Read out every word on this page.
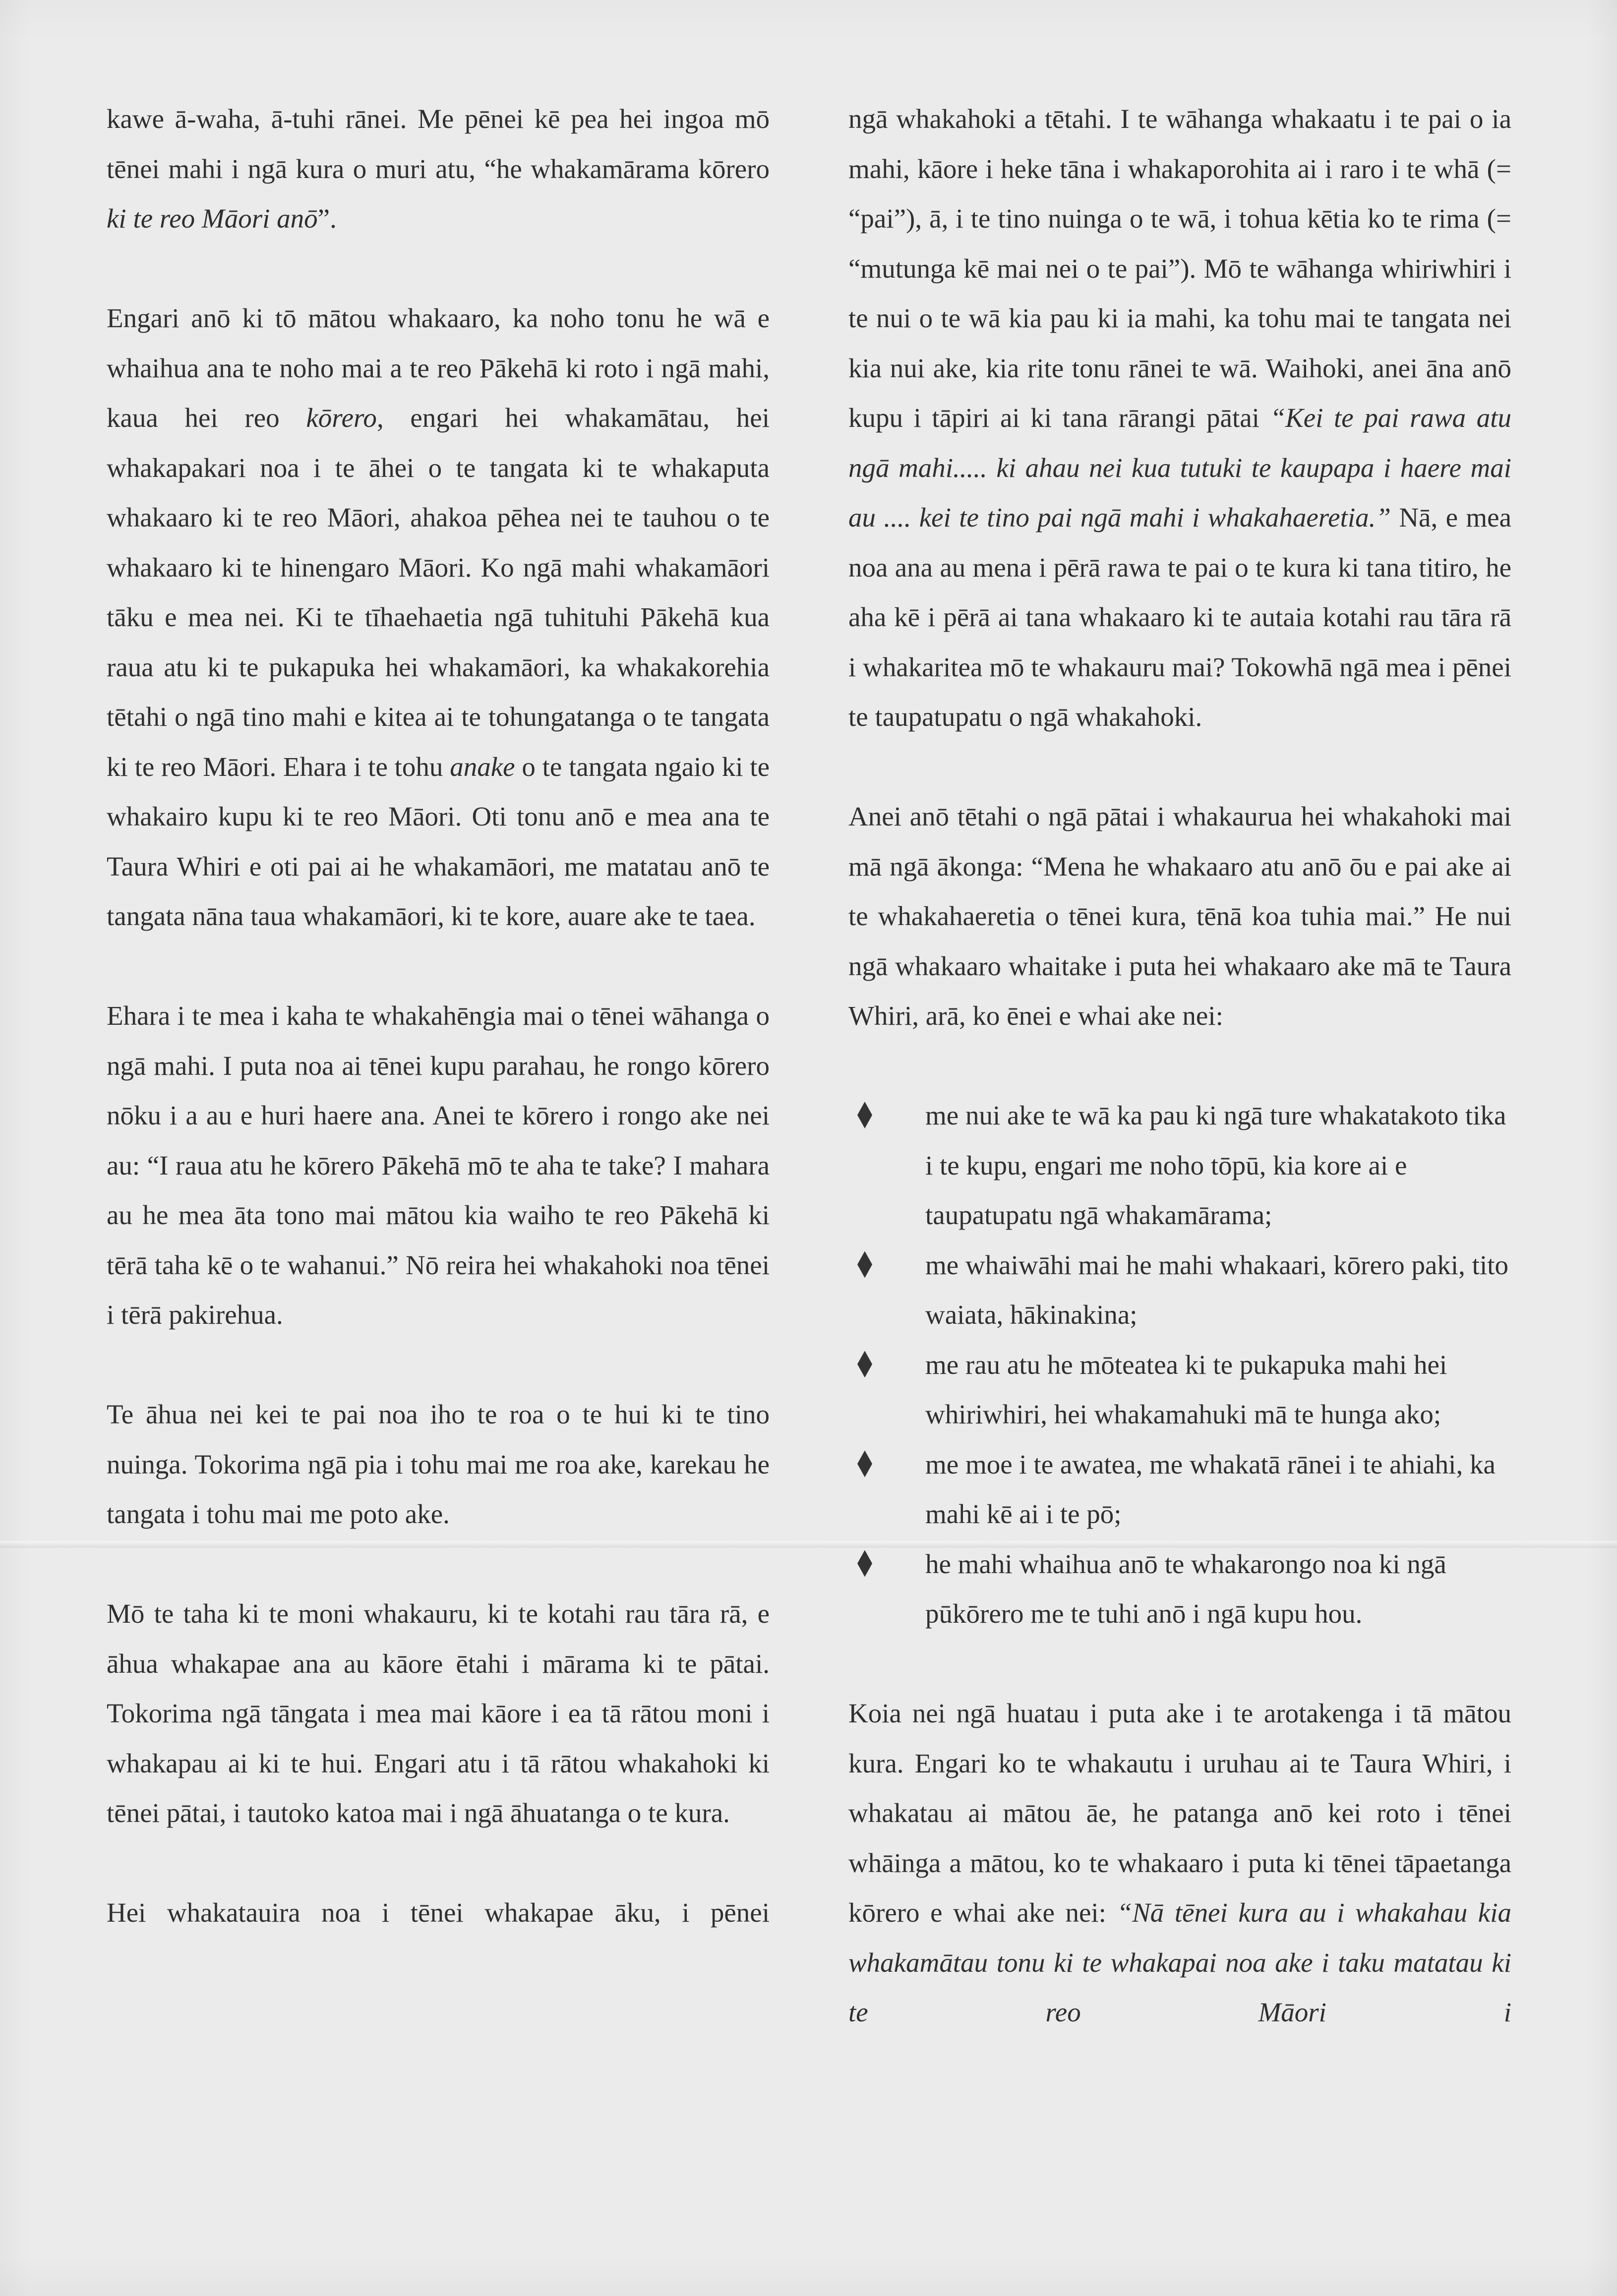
kawe ā-waha, ā-tuhi rānei. Me pēnei kē pea hei ingoa mō tēnei mahi i ngā kura o muri atu, “he whakamārama kōrero ki te reo Māori anō”.

Engari anō ki tō mātou whakaaro, ka noho tonu he wā e whaihua ana te noho mai a te reo Pākehā ki roto i ngā mahi, kaua hei reo kōrero, engari hei whakamātau, hei whakapakari noa i te āhei o te tangata ki te whakaputa whakaaro ki te reo Māori, ahakoa pēhea nei te tauhou o te whakaaro ki te hinengaro Māori. Ko ngā mahi whakamāori tāku e mea nei. Ki te tīhaehaetia ngā tuhituhi Pākehā kua raua atu ki te pukapuka hei whakamāori, ka whakakorehia tētahi o ngā tino mahi e kitea ai te tohungatanga o te tangata ki te reo Māori. Ehara i te tohu anake o te tangata ngaio ki te whakairo kupu ki te reo Māori. Oti tonu anō e mea ana te Taura Whiri e oti pai ai he whakamāori, me matatau anō te tangata nāna taua whakamāori, ki te kore, auare ake te taea.

Ehara i te mea i kaha te whakahēngia mai o tēnei wāhanga o ngā mahi. I puta noa ai tēnei kupu parahau, he rongo kōrero nōku i a au e huri haere ana. Anei te kōrero i rongo ake nei au: “I raua atu he kōrero Pākehā mō te aha te take? I mahara au he mea āta tono mai mātou kia waiho te reo Pākehā ki tērā taha kē o te wahanui.” Nō reira hei whakahoki noa tēnei i tērā pakirehua.

Te āhua nei kei te pai noa iho te roa o te hui ki te tino nuinga. Tokorima ngā pia i tohu mai me roa ake, karekau he tangata i tohu mai me poto ake.

Mō te taha ki te moni whakauru, ki te kotahi rau tāra rā, e āhua whakapae ana au kāore ētahi i mārama ki te pātai. Tokorima ngā tāngata i mea mai kāore i ea tā rātou moni i whakapau ai ki te hui. Engari atu i tā rātou whakahoki ki tēnei pātai, i tautoko katoa mai i ngā āhuatanga o te kura.

Hei whakatauira noa i tēnei whakapae āku, i pēnei

ngā whakahoki a tētahi. I te wāhanga whakaatu i te pai o ia mahi, kāore i heke tāna i whakaporohita ai i raro i te whā (= “pai”), ā, i te tino nuinga o te wā, i tohua kētia ko te rima (= “mutunga kē mai nei o te pai”). Mō te wāhanga whiriwhiri i te nui o te wā kia pau ki ia mahi, ka tohu mai te tangata nei kia nui ake, kia rite tonu rānei te wā. Waihoki, anei āna anō kupu i tāpiri ai ki tana rārangi pātai “Kei te pai rawa atu ngā mahi..... ki ahau nei kua tutuki te kaupapa i haere mai au .... kei te tino pai ngā mahi i whakahaeretia.” Nā, e mea noa ana au mena i pērā rawa te pai o te kura ki tana titiro, he aha kē i pērā ai tana whakaaro ki te autaia kotahi rau tāra rā i whakaritea mō te whakauru mai? Tokowhā ngā mea i pēnei te taupatupatu o ngā whakahoki.

Anei anō tētahi o ngā pātai i whakaurua hei whakahoki mai mā ngā ākonga: “Mena he whakaaro atu anō ōu e pai ake ai te whakahaeretia o tēnei kura, tēnā koa tuhia mai.” He nui ngā whakaaro whaitake i puta hei whakaaro ake mā te Taura Whiri, arā, ko ēnei e whai ake nei:

me nui ake te wā ka pau ki ngā ture whakatakoto tika i te kupu, engari me noho tōpū, kia kore ai e taupatupatu ngā whakamārama;
me whaiwāhi mai he mahi whakaari, kōrero paki, tito waiata, hākinakina;
me rau atu he mōteatea ki te pukapuka mahi hei whiriwhiri, hei whakamahuki mā te hunga ako;
me moe i te awatea, me whakatā rānei i te ahiahi, ka mahi kē ai i te pō;
he mahi whaihua anō te whakarongo noa ki ngā pūkōrero me te tuhi anō i ngā kupu hou.

Koia nei ngā huatau i puta ake i te arotakenga i tā mātou kura. Engari ko te whakautu i uruhau ai te Taura Whiri, i whakatau ai mātou āe, he patanga anō kei roto i tēnei whāinga a mātou, ko te whakaaro i puta ki tēnei tāpaetanga kōrero e whai ake nei: “Nā tēnei kura au i whakahau kia whakamātau tonu ki te whakapai noa ake i taku matatau ki te reo Māori i
